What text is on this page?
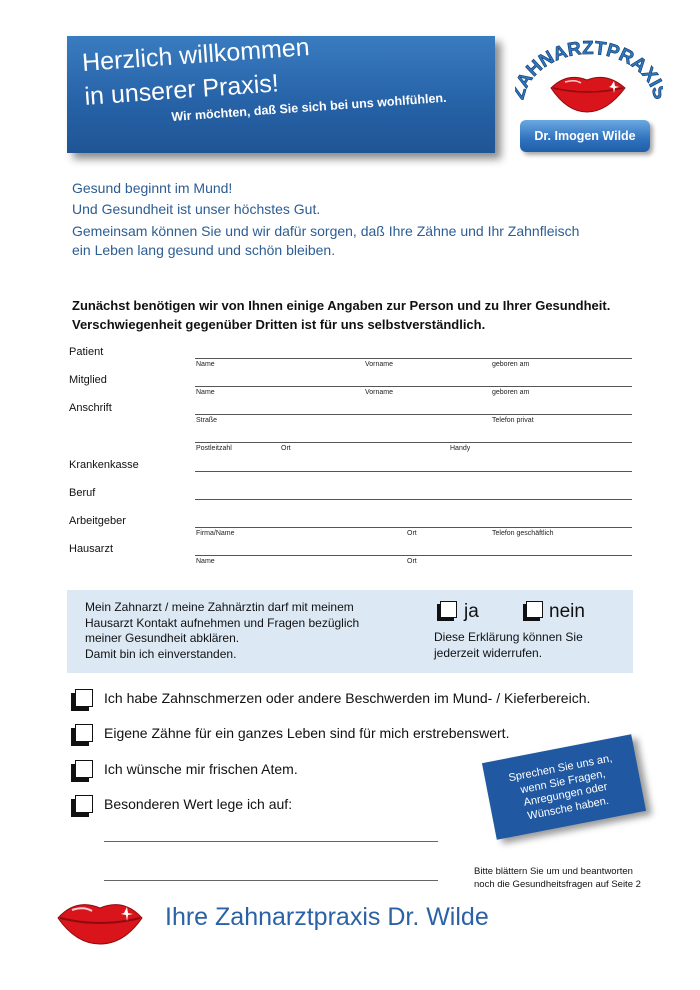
Herzlich willkommen
in unserer Praxis!
Wir möchten, daß Sie sich bei uns wohlfühlen.
AHNARZTPRAX
Dr. Imogen Wilde
Gesund beginnt im Mund!
Und Gesundheit ist unser höchstes Gut.
Gemeinsam können Sie und wir dafür sorgen, daß Ihre Zähne und Ihr Zahnfleisch
ein Leben lang gesund und schön bleiben.
Zunächst benötigen wir von Ihnen einige Angaben zur Person und zu Ihrer Gesundheit.
Verschwiegenheit gegenüber Dritten ist für uns selbstverständlich.
Patient
Name	Vorname	geboren am
Mitglied
Name	Vorname	geboren am
Anschrift
Straße	Telefon privat
Postleitzahl	Ort	Handy
Krankenkasse
Beruf
Arbeitgeber
Firma/Name	Ort	Telefon geschäftlich
Hausarzt
Name	Ort
Mein Zahnarzt / meine Zahnärztin darf mit meinem
Hausarzt Kontakt aufnehmen und Fragen bezüglich
meiner Gesundheit abklären.
Damit bin ich einverstanden.
ja	nein
Diese Erklärung können Sie
jederzeit widerrufen.
Ich habe Zahnschmerzen oder andere Beschwerden im Mund- / Kieferbereich.
Eigene Zähne für ein ganzes Leben sind für mich erstrebenswert.
Ich wünsche mir frischen Atem.
Besonderen Wert lege ich auf:
Sprechen Sie uns an,
wenn Sie Fragen,
Anregungen oder
Wünsche haben.
Bitte blättern Sie um und beantworten
noch die Gesundheitsfragen auf Seite 2
Ihre Zahnarztpraxis Dr. Wilde
